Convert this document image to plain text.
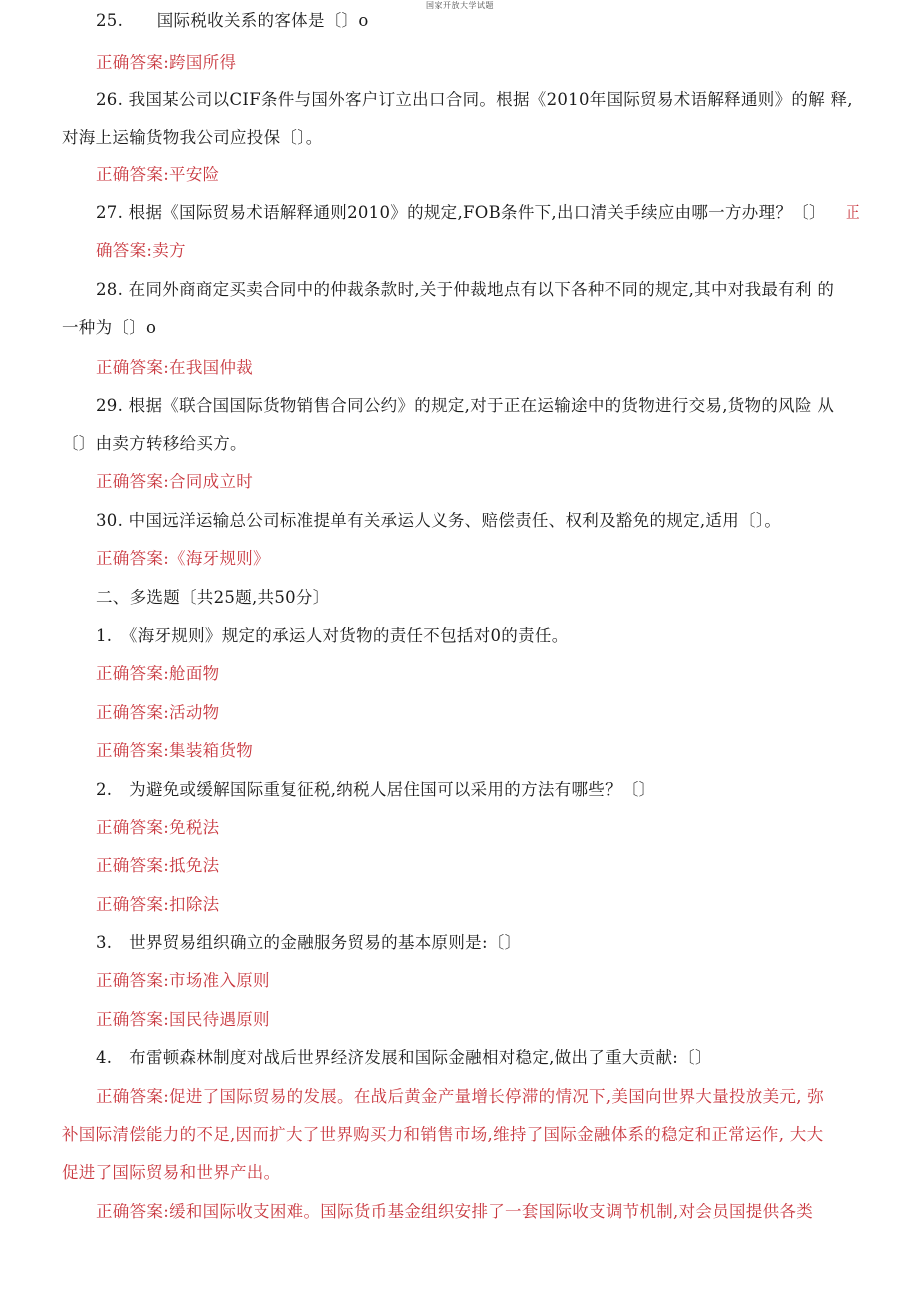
国家开放大学试题
25.　　国际税收关系的客体是〔〕o
正确答案:跨国所得
26. 我国某公司以CIF条件与国外客户订立出口合同。根据《2010年国际贸易术语解释通则》的解 释,
对海上运输货物我公司应投保〔〕。
正确答案:平安险
27. 根据《国际贸易术语解释通则2010》的规定,FOB条件下,出口清关手续应由哪一方办理？〔〕 正
确答案:卖方
28. 在同外商商定买卖合同中的仲裁条款时,关于仲裁地点有以下各种不同的规定,其中对我最有利 的
一种为〔〕o
正确答案:在我国仲裁
29. 根据《联合国国际货物销售合同公约》的规定,对于正在运输途中的货物进行交易,货物的风险 从
〔〕由卖方转移给买方。
正确答案:合同成立时
30. 中国远洋运输总公司标准提单有关承运人义务、赔偿责任、权利及豁免的规定,适用〔〕。
正确答案:《海牙规则》
二、多选题〔共25题,共50分〕
1.　《海牙规则》规定的承运人对货物的责任不包括对0的责任。
正确答案:舱面物
正确答案:活动物
正确答案:集装箱货物
2.　为避免或缓解国际重复征税,纳税人居住国可以采用的方法有哪些？〔〕
正确答案:免税法
正确答案:抵免法
正确答案:扣除法
3.　世界贸易组织确立的金融服务贸易的基本原则是:〔〕
正确答案:市场准入原则
正确答案:国民待遇原则
4.　布雷顿森林制度对战后世界经济发展和国际金融相对稳定,做出了重大贡献:〔〕
正确答案:促进了国际贸易的发展。在战后黄金产量增长停滞的情况下,美国向世界大量投放美元, 弥
补国际清偿能力的不足,因而扩大了世界购买力和销售市场,维持了国际金融体系的稳定和正常运作, 大大
促进了国际贸易和世界产出。
正确答案:缓和国际收支困难。国际货币基金组织安排了一套国际收支调节机制,对会员国提供各类
